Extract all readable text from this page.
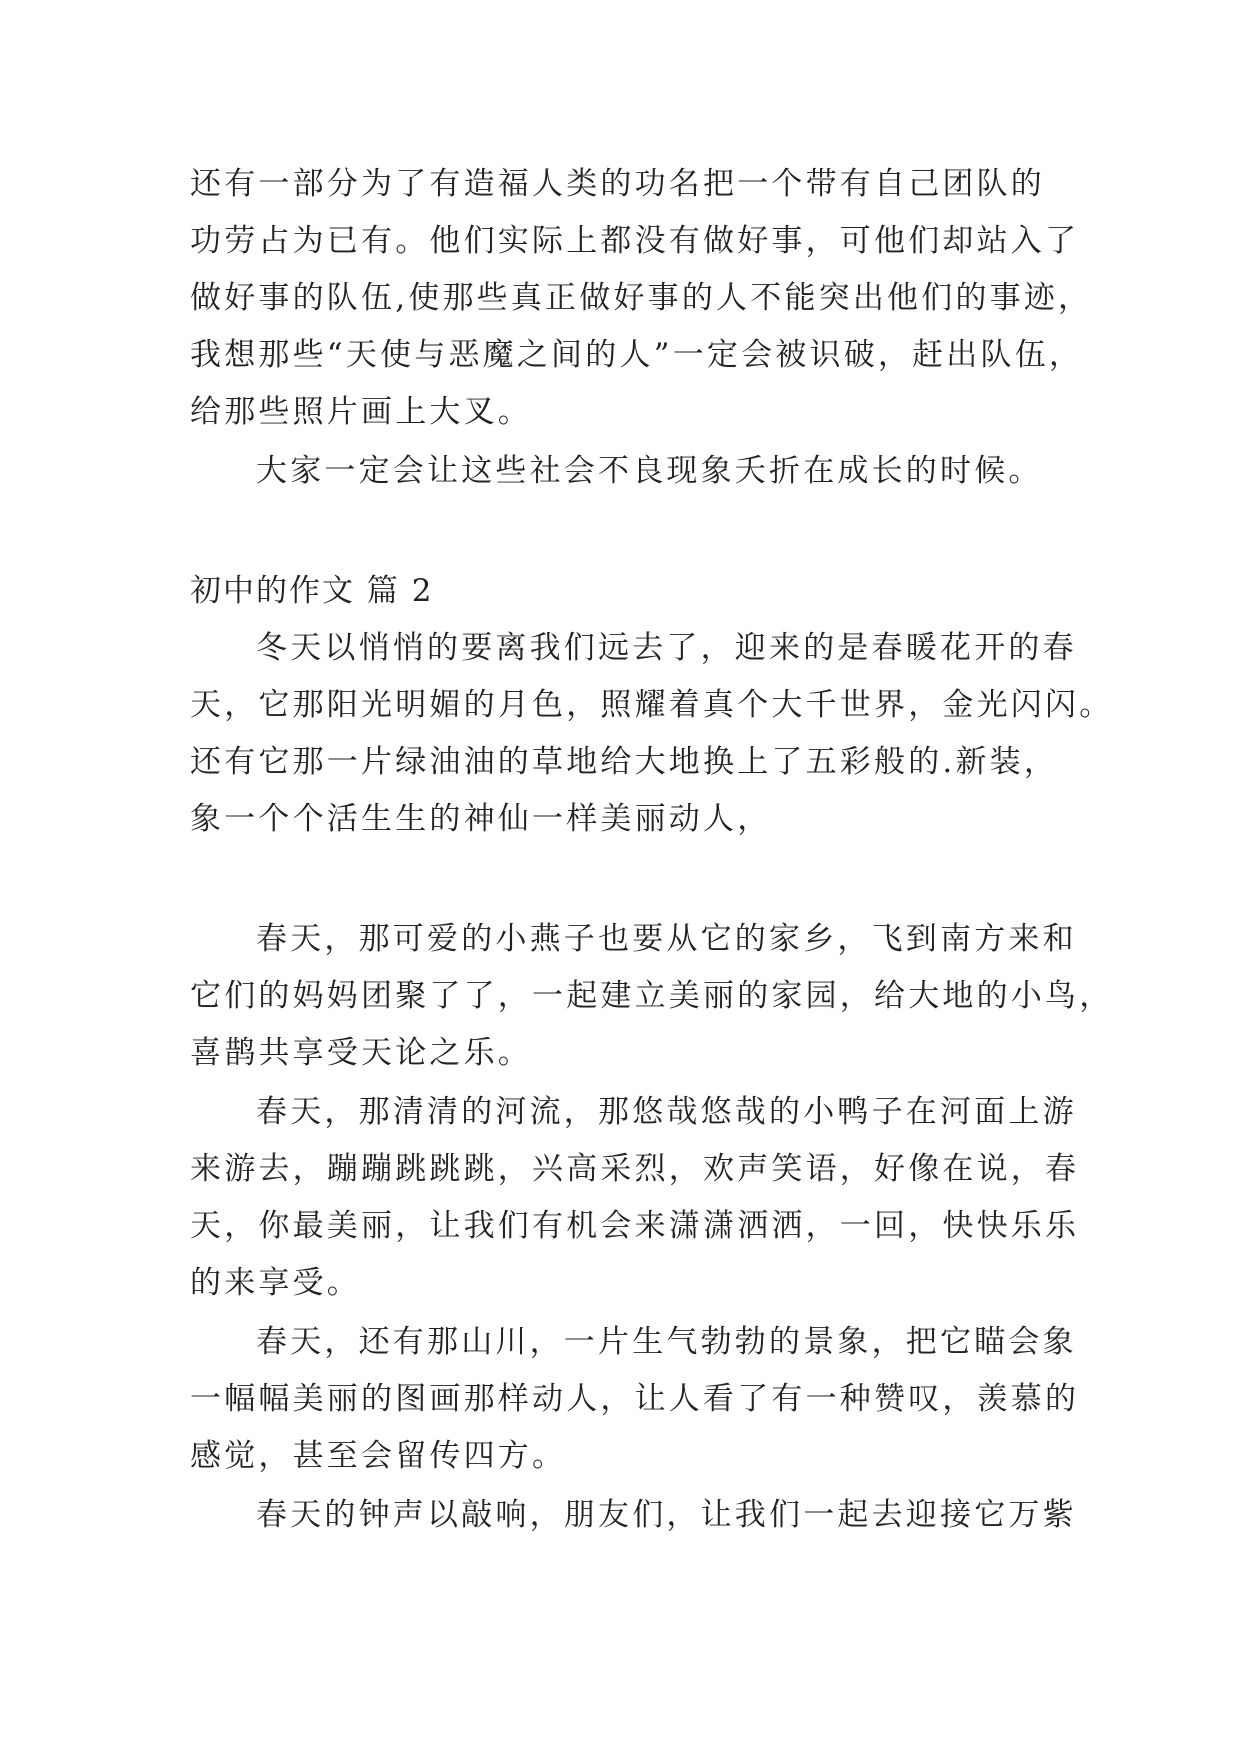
还有一部分为了有造福人类的功名把一个带有自己团队的
功劳占为已有。他们实际上都没有做好事，可他们却站入了
做好事的队伍,使那些真正做好事的人不能突出他们的事迹，
我想那些“天使与恶魔之间的人”一定会被识破，赶出队伍，
给那些照片画上大叉。
大家一定会让这些社会不良现象夭折在成长的时候。
初中的作文 篇 2
冬天以悄悄的要离我们远去了，迎来的是春暖花开的春
天，它那阳光明媚的月色，照耀着真个大千世界，金光闪闪。
还有它那一片绿油油的草地给大地换上了五彩般的.新装，
象一个个活生生的神仙一样美丽动人，
春天，那可爱的小燕子也要从它的家乡，飞到南方来和
它们的妈妈团聚了了，一起建立美丽的家园，给大地的小鸟，
喜鹊共享受天论之乐。
春天，那清清的河流，那悠哉悠哉的小鸭子在河面上游
来游去，蹦蹦跳跳跳，兴高采烈，欢声笑语，好像在说，春
天，你最美丽，让我们有机会来潇潇洒洒，一回，快快乐乐
的来享受。
春天，还有那山川，一片生气勃勃的景象，把它瞄会象
一幅幅美丽的图画那样动人，让人看了有一种赞叹，羡慕的
感觉，甚至会留传四方。
春天的钟声以敲响，朋友们，让我们一起去迎接它万紫
